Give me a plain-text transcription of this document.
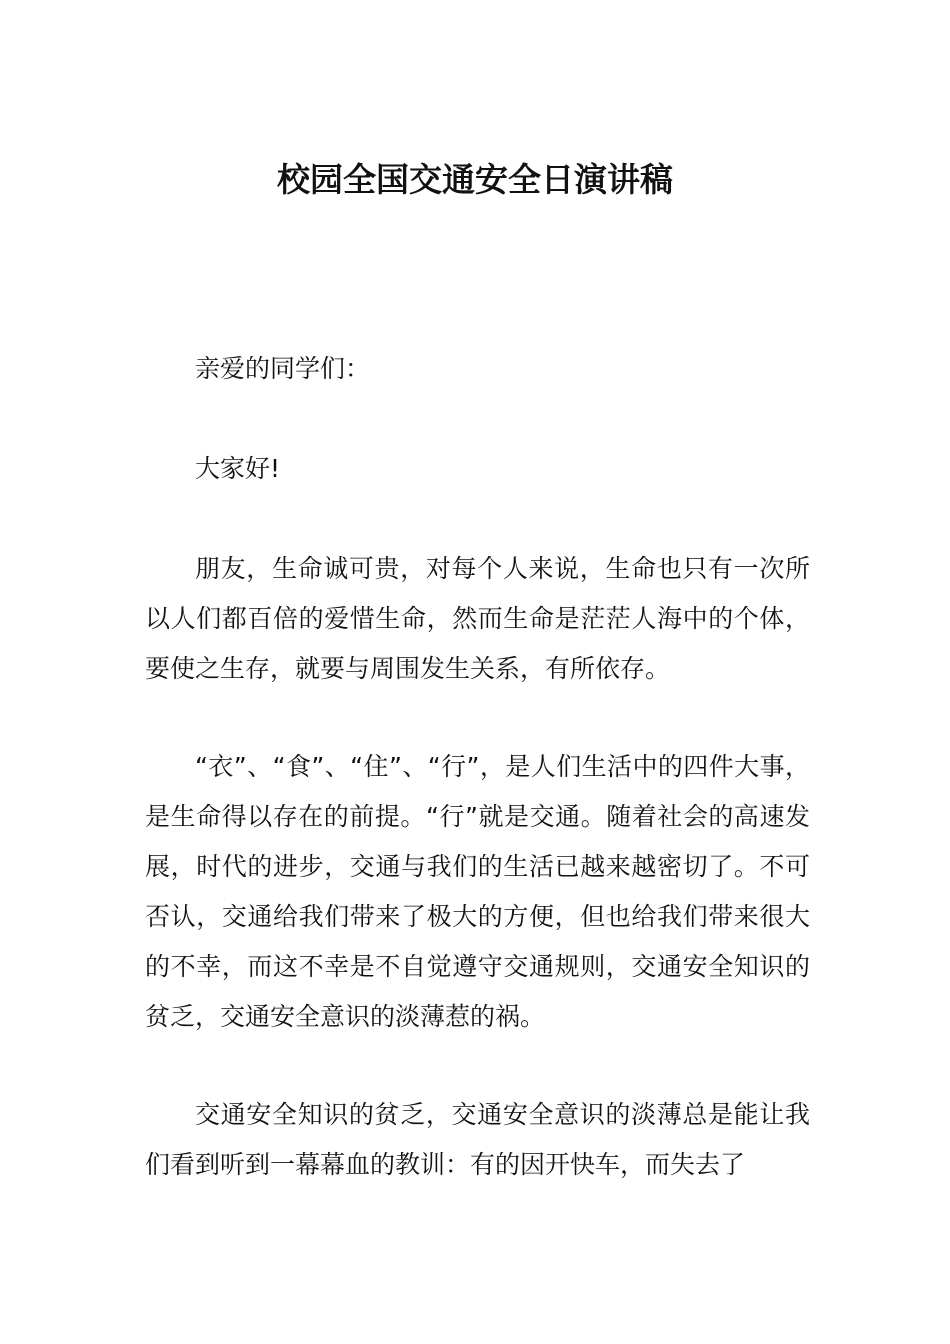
校园全国交通安全日演讲稿

亲爱的同学们：

大家好!

朋友，生命诚可贵，对每个人来说，生命也只有一次所以人们都百倍的爱惜生命，然而生命是茫茫人海中的个体，要使之生存，就要与周围发生关系，有所依存。

“衣”、“食”、“住”、“行”，是人们生活中的四件大事，是生命得以存在的前提。“行”就是交通。随着社会的高速发展，时代的进步，交通与我们的生活已越来越密切了。不可否认，交通给我们带来了极大的方便，但也给我们带来很大的不幸，而这不幸是不自觉遵守交通规则，交通安全知识的贫乏，交通安全意识的淡薄惹的祸。

交通安全知识的贫乏，交通安全意识的淡薄总是能让我们看到听到一幕幕血的教训：有的因开快车，而失去了
